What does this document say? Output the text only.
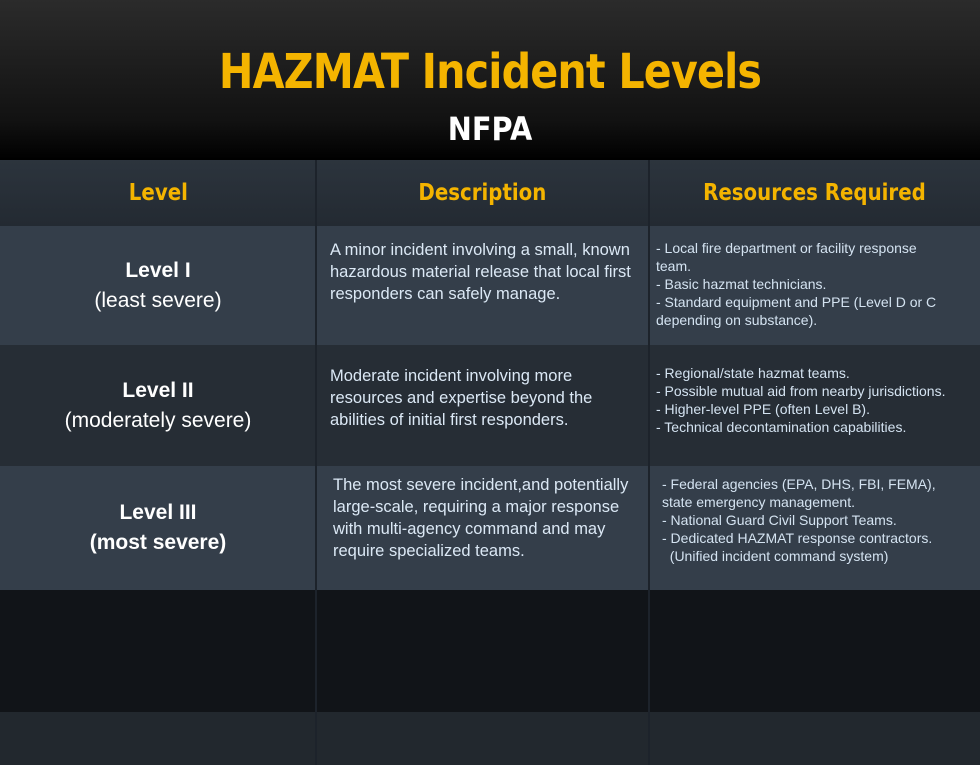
HAZMAT Incident Levels
NFPA
Level	Description	Resources Required
Level I
(least severe)
A minor incident involving a small, known hazardous material release that local first responders can safely manage.
- Local fire department or facility response
team.
- Basic hazmat technicians.
- Standard equipment and PPE (Level D or C
depending on substance).
Level II
(moderately severe)
Moderate incident involving more resources and expertise beyond the abilities of initial first responders.
- Regional/state hazmat teams.
- Possible mutual aid from nearby jurisdictions.
- Higher-level PPE (often Level B).
- Technical decontamination capabilities.
Level III
(most severe)
The most severe incident,and potentially large-scale, requiring a major response with multi-agency command and may require specialized teams.
- Federal agencies (EPA, DHS, FBI, FEMA),
state emergency management.
- National Guard Civil Support Teams.
- Dedicated HAZMAT response contractors.
(Unified incident command system)
